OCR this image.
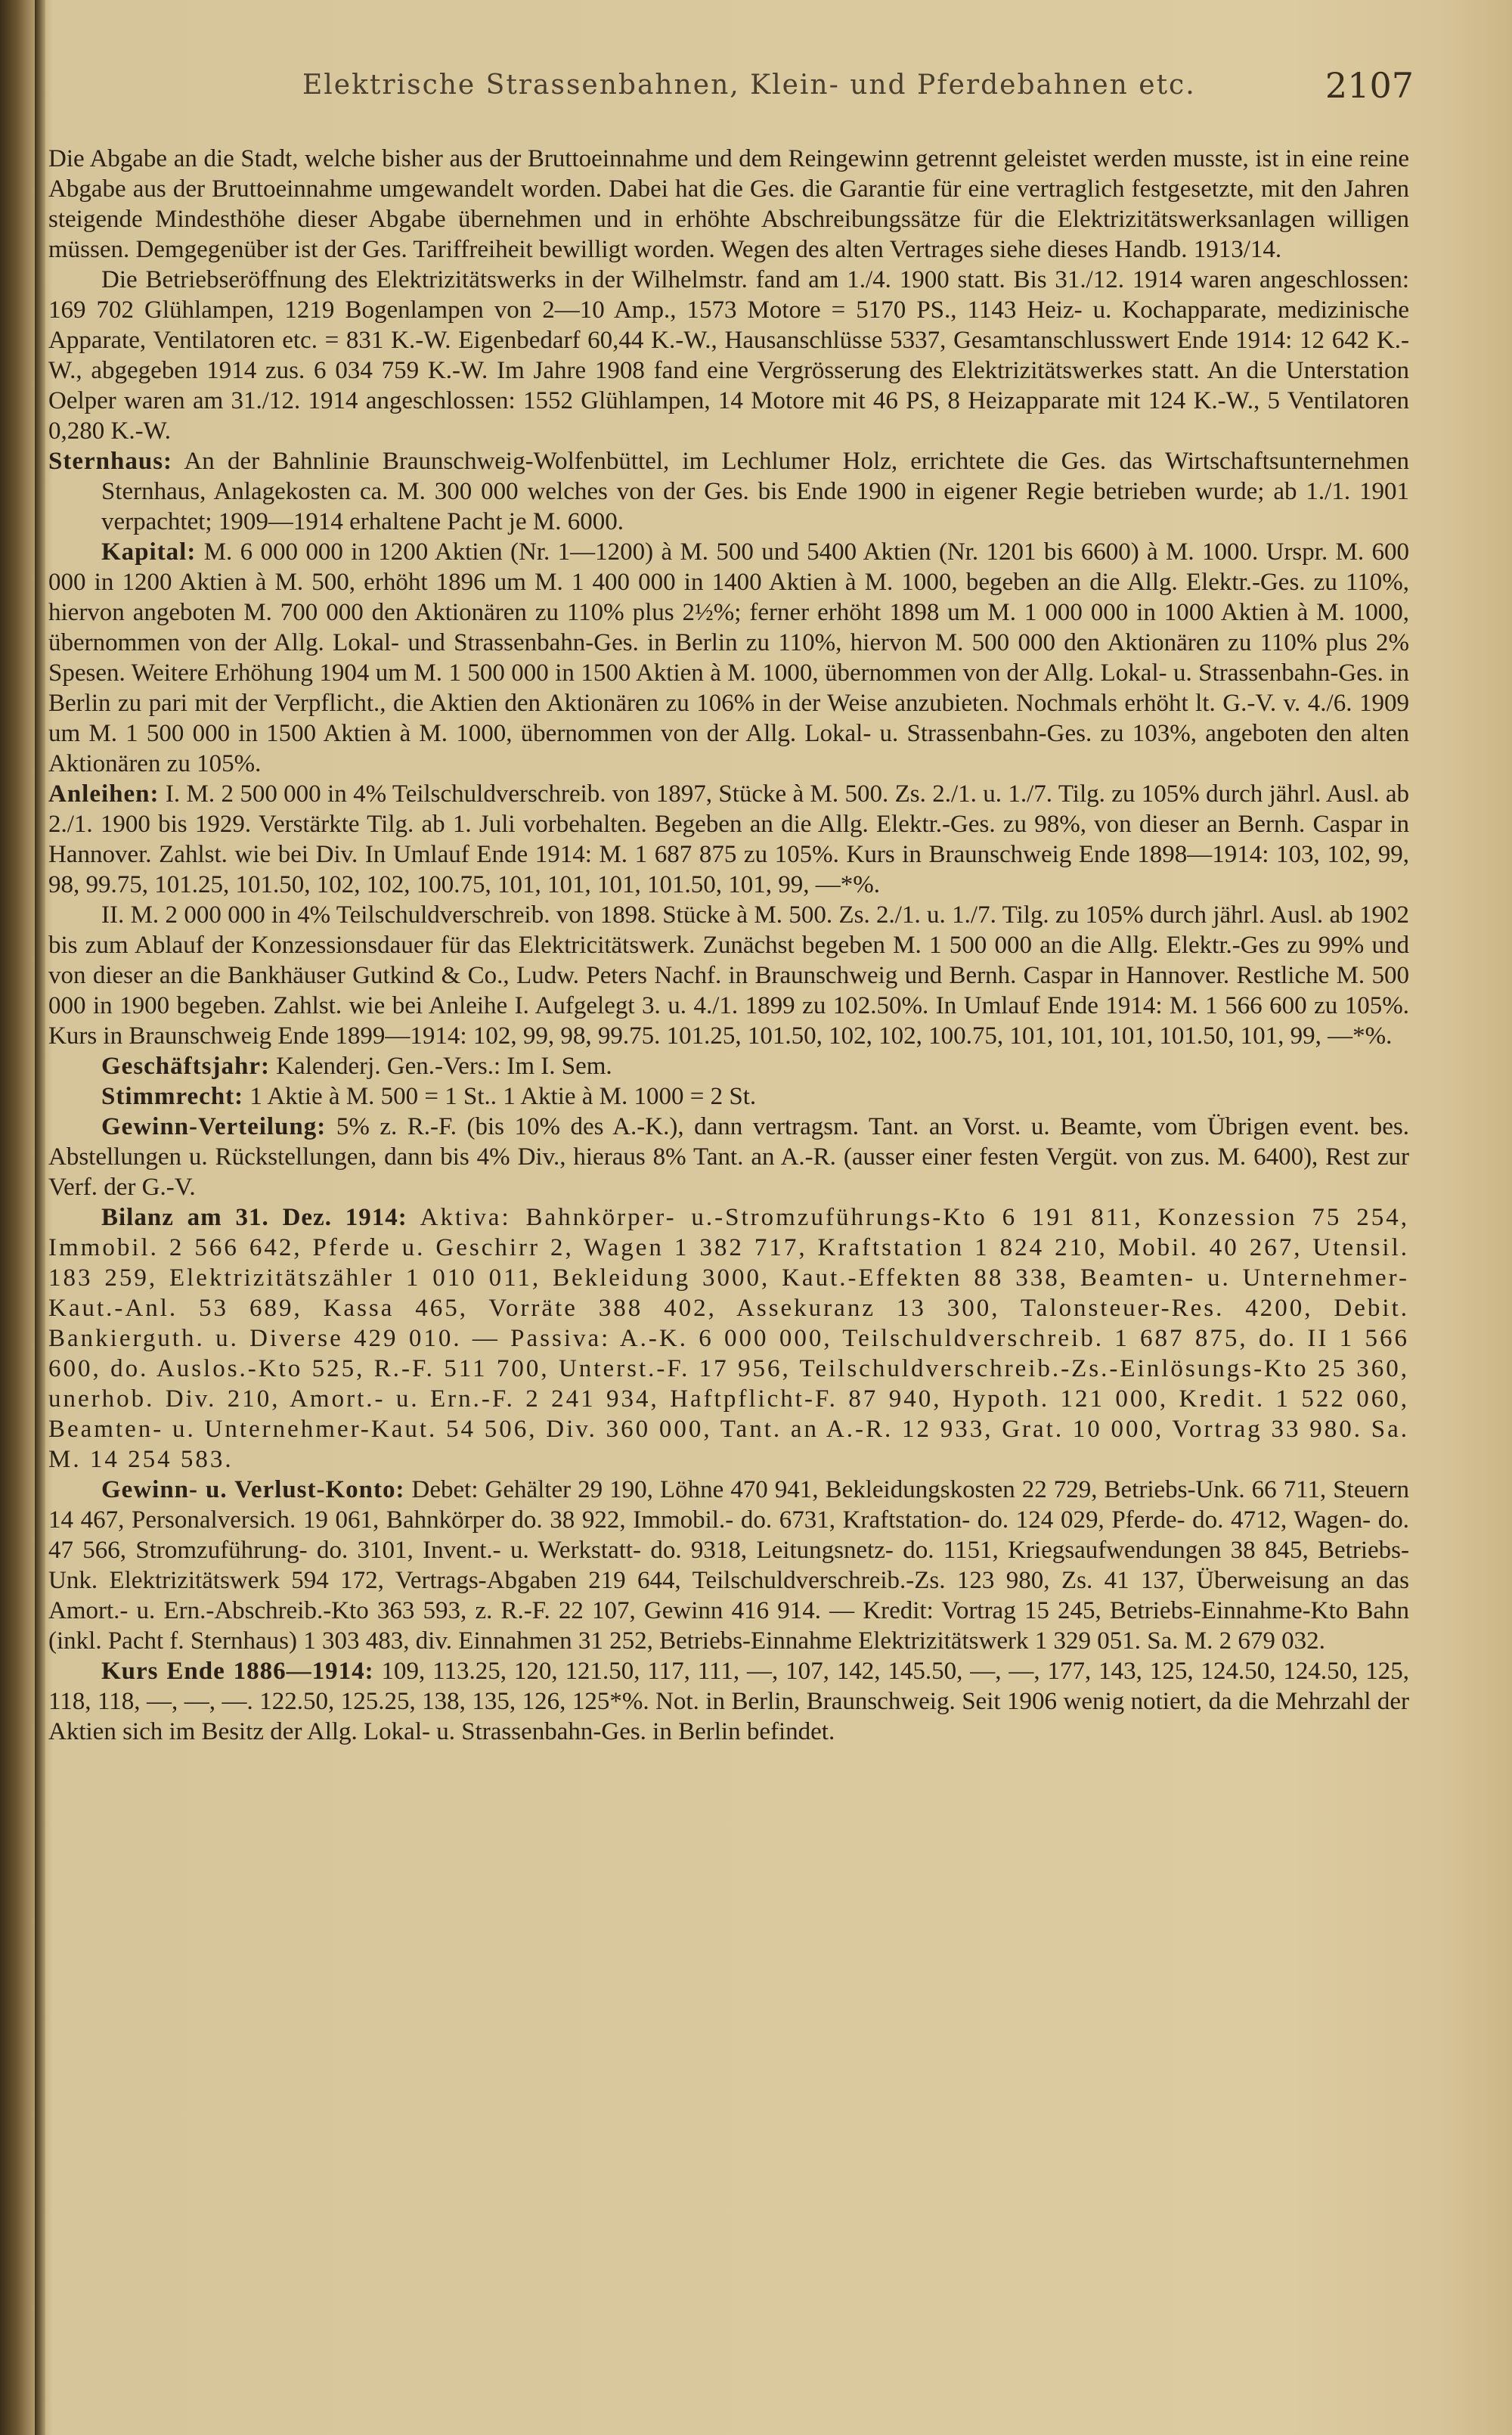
Elektrische Strassenbahnen, Klein- und Pferdebahnen etc.	2107

Die Abgabe an die Stadt, welche bisher aus der Bruttoeinnahme und dem Reingewinn getrennt geleistet werden musste, ist in eine reine Abgabe aus der Bruttoeinnahme umgewandelt worden. Dabei hat die Ges. die Garantie für eine vertraglich festgesetzte, mit den Jahren steigende Mindesthöhe dieser Abgabe übernehmen und in erhöhte Abschreibungssätze für die Elektrizitätswerksanlagen willigen müssen. Demgegenüber ist der Ges. Tariffreiheit bewilligt worden. Wegen des alten Vertrages siehe dieses Handb. 1913/14.

Die Betriebseröffnung des Elektrizitätswerks in der Wilhelmstr. fand am 1./4. 1900 statt. Bis 31./12. 1914 waren angeschlossen: 169 702 Glühlampen, 1219 Bogenlampen von 2—10 Amp., 1573 Motore = 5170 PS., 1143 Heiz- u. Kochapparate, medizinische Apparate, Ventilatoren etc. = 831 K.-W. Eigenbedarf 60,44 K.-W., Hausanschlüsse 5337, Gesamtanschlusswert Ende 1914: 12 642 K.-W., abgegeben 1914 zus. 6 034 759 K.-W. Im Jahre 1908 fand eine Vergrösserung des Elektrizitätswerkes statt. An die Unterstation Oelper waren am 31./12. 1914 angeschlossen: 1552 Glühlampen, 14 Motore mit 46 PS, 8 Heizapparate mit 124 K.-W., 5 Ventilatoren 0,280 K.-W.

Sternhaus: An der Bahnlinie Braunschweig-Wolfenbüttel, im Lechlumer Holz, errichtete die Ges. das Wirtschaftsunternehmen Sternhaus, Anlagekosten ca. M. 300 000 welches von der Ges. bis Ende 1900 in eigener Regie betrieben wurde; ab 1./1. 1901 verpachtet; 1909—1914 erhaltene Pacht je M. 6000.

Kapital: M. 6 000 000 in 1200 Aktien (Nr. 1—1200) à M. 500 und 5400 Aktien (Nr. 1201 bis 6600) à M. 1000. Urspr. M. 600 000 in 1200 Aktien à M. 500, erhöht 1896 um M. 1 400 000 in 1400 Aktien à M. 1000, begeben an die Allg. Elektr.-Ges. zu 110%, hiervon angeboten M. 700 000 den Aktionären zu 110% plus 2½%; ferner erhöht 1898 um M. 1 000 000 in 1000 Aktien à M. 1000, übernommen von der Allg. Lokal- und Strassenbahn-Ges. in Berlin zu 110%, hiervon M. 500 000 den Aktionären zu 110% plus 2% Spesen. Weitere Erhöhung 1904 um M. 1 500 000 in 1500 Aktien à M. 1000, übernommen von der Allg. Lokal- u. Strassenbahn-Ges. in Berlin zu pari mit der Verpflicht., die Aktien den Aktionären zu 106% in der Weise anzubieten. Nochmals erhöht lt. G.-V. v. 4./6. 1909 um M. 1 500 000 in 1500 Aktien à M. 1000, übernommen von der Allg. Lokal- u. Strassenbahn-Ges. zu 103%, angeboten den alten Aktionären zu 105%.

Anleihen: I. M. 2 500 000 in 4% Teilschuldverschreib. von 1897, Stücke à M. 500. Zs. 2./1. u. 1./7. Tilg. zu 105% durch jährl. Ausl. ab 2./1. 1900 bis 1929. Verstärkte Tilg. ab 1. Juli vorbehalten. Begeben an die Allg. Elektr.-Ges. zu 98%, von dieser an Bernh. Caspar in Hannover. Zahlst. wie bei Div. In Umlauf Ende 1914: M. 1 687 875 zu 105%. Kurs in Braunschweig Ende 1898—1914: 103, 102, 99, 98, 99.75, 101.25, 101.50, 102, 102, 100.75, 101, 101, 101, 101.50, 101, 99, —*%.

II. M. 2 000 000 in 4% Teilschuldverschreib. von 1898. Stücke à M. 500. Zs. 2./1. u. 1./7. Tilg. zu 105% durch jährl. Ausl. ab 1902 bis zum Ablauf der Konzessionsdauer für das Elektricitätswerk. Zunächst begeben M. 1 500 000 an die Allg. Elektr.-Ges zu 99% und von dieser an die Bankhäuser Gutkind & Co., Ludw. Peters Nachf. in Braunschweig und Bernh. Caspar in Hannover. Restliche M. 500 000 in 1900 begeben. Zahlst. wie bei Anleihe I. Aufgelegt 3. u. 4./1. 1899 zu 102.50%. In Umlauf Ende 1914: M. 1 566 600 zu 105%. Kurs in Braunschweig Ende 1899—1914: 102, 99, 98, 99.75. 101.25, 101.50, 102, 102, 100.75, 101, 101, 101, 101.50, 101, 99, —*%.

Geschäftsjahr: Kalenderj. Gen.-Vers.: Im I. Sem.

Stimmrecht: 1 Aktie à M. 500 = 1 St.. 1 Aktie à M. 1000 = 2 St.

Gewinn-Verteilung: 5% z. R.-F. (bis 10% des A.-K.), dann vertragsm. Tant. an Vorst. u. Beamte, vom Übrigen event. bes. Abstellungen u. Rückstellungen, dann bis 4% Div., hieraus 8% Tant. an A.-R. (ausser einer festen Vergüt. von zus. M. 6400), Rest zur Verf. der G.-V.

Bilanz am 31. Dez. 1914: Aktiva: Bahnkörper- u.-Stromzuführungs-Kto 6 191 811, Konzession 75 254, Immobil. 2 566 642, Pferde u. Geschirr 2, Wagen 1 382 717, Kraftstation 1 824 210, Mobil. 40 267, Utensil. 183 259, Elektrizitätszähler 1 010 011, Bekleidung 3000, Kaut.-Effekten 88 338, Beamten- u. Unternehmer-Kaut.-Anl. 53 689, Kassa 465, Vorräte 388 402, Assekuranz 13 300, Talonsteuer-Res. 4200, Debit. Bankierguth. u. Diverse 429 010. — Passiva: A.-K. 6 000 000, Teilschuldverschreib. 1 687 875, do. II 1 566 600, do. Auslos.-Kto 525, R.-F. 511 700, Unterst.-F. 17 956, Teilschuldverschreib.-Zs.-Einlösungs-Kto 25 360, unerhob. Div. 210, Amort.- u. Ern.-F. 2 241 934, Haftpflicht-F. 87 940, Hypoth. 121 000, Kredit. 1 522 060, Beamten- u. Unternehmer-Kaut. 54 506, Div. 360 000, Tant. an A.-R. 12 933, Grat. 10 000, Vortrag 33 980. Sa. M. 14 254 583.

Gewinn- u. Verlust-Konto: Debet: Gehälter 29 190, Löhne 470 941, Bekleidungskosten 22 729, Betriebs-Unk. 66 711, Steuern 14 467, Personalversich. 19 061, Bahnkörper do. 38 922, Immobil.- do. 6731, Kraftstation- do. 124 029, Pferde- do. 4712, Wagen- do. 47 566, Stromzuführung- do. 3101, Invent.- u. Werkstatt- do. 9318, Leitungsnetz- do. 1151, Kriegsaufwendungen 38 845, Betriebs-Unk. Elektrizitätswerk 594 172, Vertrags-Abgaben 219 644, Teilschuldverschreib.-Zs. 123 980, Zs. 41 137, Überweisung an das Amort.- u. Ern.-Abschreib.-Kto 363 593, z. R.-F. 22 107, Gewinn 416 914. — Kredit: Vortrag 15 245, Betriebs-Einnahme-Kto Bahn (inkl. Pacht f. Sternhaus) 1 303 483, div. Einnahmen 31 252, Betriebs-Einnahme Elektrizitätswerk 1 329 051. Sa. M. 2 679 032.

Kurs Ende 1886—1914: 109, 113.25, 120, 121.50, 117, 111, —, 107, 142, 145.50, —, —, 177, 143, 125, 124.50, 124.50, 125, 118, 118, —, —, —. 122.50, 125.25, 138, 135, 126, 125*%. Not. in Berlin, Braunschweig. Seit 1906 wenig notiert, da die Mehrzahl der Aktien sich im Besitz der Allg. Lokal- u. Strassenbahn-Ges. in Berlin befindet.
